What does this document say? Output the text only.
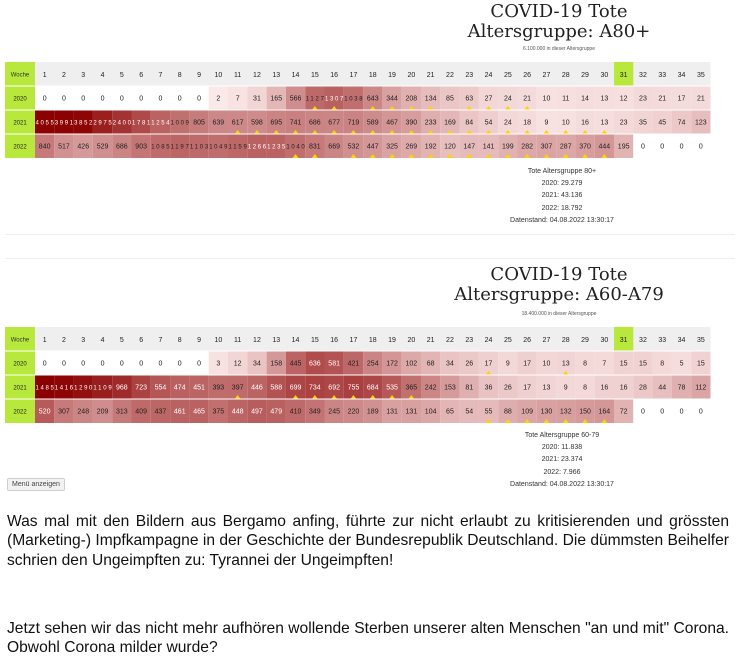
COVID-19 Tote
Altersgruppe: A80+
6.100.000 in dieser Altersgruppe
Woche 1 2 3 4 5 6 7 8 9 10 11 12 13 14 15 16 17 18 19 20 21 22 23 24 25 26 27 28 29 30 31 32 33 34 35
2020 0 0 0 0 0 0 0 0 0 2 7 31 165 566 1127 1307 1038 643 344 208 134 85 63 27 24 21 10 11 14 13 12 23 21 17 21
2021 4055 3991 3852 2975 2400 1781 1254 1009 805 639 617 598 695 741 686 677 719 589 467 390 233 169 84 54 24 18 9 10 16 13 23 35 45 74 123
2022 840 517 426 529 686 903 1085 1197 1103 1049 1159 1266 1235 1040 831 669 532 447 325 269 192 120 147 141 199 282 307 287 370 444 195 0 0 0 0
Tote Altersgruppe 80+
2020: 29.279
2021: 43.136
2022: 18.792
Datenstand: 04.08.2022 13:30:17
COVID-19 Tote
Altersgruppe: A60-A79
18.400.000 in dieser Altersgruppe
Woche 1 2 3 4 5 6 7 8 9 10 11 12 13 14 15 16 17 18 19 20 21 22 23 24 25 26 27 28 29 30 31 32 33 34 35
2020 0 0 0 0 0 0 0 0 0 3 12 34 158 445 636 581 421 254 172 102 68 34 26 17 9 17 10 13 8 7 15 15 8 5 15
2021 1485 1416 1290 1109 968 723 554 474 451 393 397 446 588 699 734 692 755 684 535 365 242 153 81 36 26 17 13 9 8 16 16 28 44 78 112
2022 520 307 248 209 313 409 437 461 465 375 448 497 479 410 349 245 220 189 131 131 104 65 54 55 88 109 130 132 150 164 72 0 0 0 0
Tote Altersgruppe 60-79
2020: 11.838
2021: 23.374
2022: 7.966
Datenstand: 04.08.2022 13:30:17
Menü anzeigen

Was mal mit den Bildern aus Bergamo anfing, führte zur nicht erlaubt zu kritisierenden und grössten (Marketing-) Impfkampagne in der Geschichte der Bundesrepublik Deutschland. Die dümmsten Beihelfer schrien den Ungeimpften zu: Tyrannei der Ungeimpften!

Jetzt sehen wir das nicht mehr aufhören wollende Sterben unserer alten Menschen "an und mit" Corona. Obwohl Corona milder wurde?
